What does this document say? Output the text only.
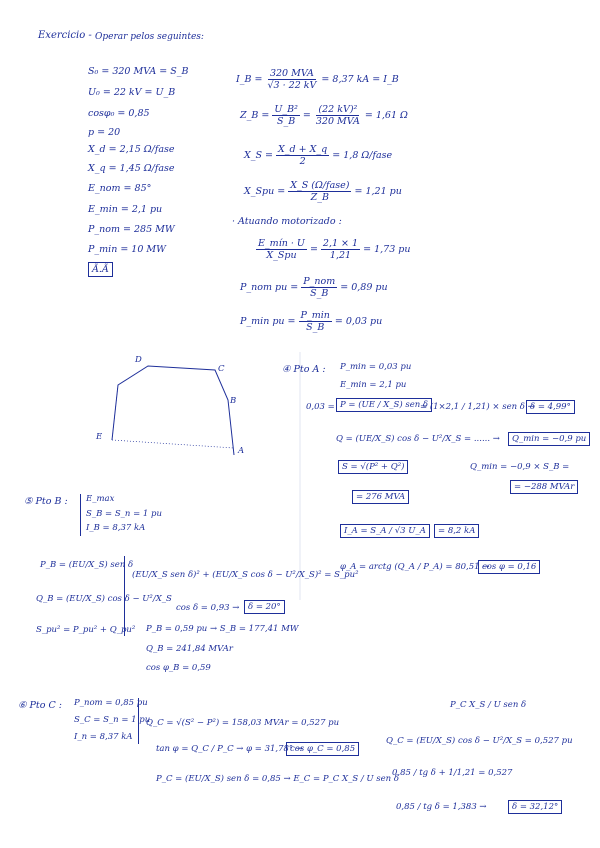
Exercicio - Operar pelos seguintes:
S₀ = 320 MVA = S_B
U₀ = 22 kV = U_B
cosφ₀ = 0,85
p = 20
X_d = 2,15 Ω/fase
X_q = 1,45 Ω/fase
E_nom = 85°
E_min = 2,1 pu
P_nom = 285 MW
P_min = 10 MW
Ã.Ã
I_B = $\frac{\text{320 MVA}}{√3 \cdot 22 kV} = 8,37$ kA = I_B
Z_B = $\frac{\text{U\_B²}}{S\_B} = \frac{\text{(22 kV)²}}{\text{320 MVA}} = 1,61$ Ω
X_S = $\frac{X\_d + X\_q}{2} = 1,8$ Ω/fase
X_Spu = $\frac{\text{X\_S (Ω/fase)}}{Z\_B} = 1,21$ pu
· Atuando motorizado :
$\frac{\text{E\_mín · U}}{\text{X\_Spu}} = \frac{2,1 \times 1}{1,21} = 1,73$ pu
P_nom pu = $\frac{\text{P\_nom}}{S\_B} = 0,89$ pu
P_min pu = $\frac{P\_\min}{S\_B} = 0,03$ pu
D
C
B
A
E
④ Pto A : P_min = 0,03 pu
E_min = 2,1 pu
0,03 = P = (UE / X_S) sen δ
= (1×2,1 / 1,21) × sen δ →
δ = 4,99°
Q = (UE/X_S) cos δ − U²/X_S = ...... →	Q_min = −0,9 pu
S = √(P² + Q²)	Q_min = −0,9 × S_B =
= −288 MVAr
= 276 MVA
I_A = S_A / √3 U_A	= 8,2 kA
φ_A = arctg (Q_A / P_A) = 80,51 →
cos φ = 0,16
⑤ Pto B : E_max
S_B = S_n = 1 pu
I_B = 8,37 kA
P_B = (EU/X_S) sen δ
Q_B = (EU/X_S) cos δ − U²/X_S
S_pu² = P_pu² + Q_pu²
(EU/X_S sen δ)² + (EU/X_S cos δ − U²/X_S)² = S_pu²
cos δ = 0,93 →	δ = 20°
P_B = 0,59 pu → S_B = 177,41 MW
Q_B = 241,84 MVAr
cos φ_B = 0,59
⑥ Pto C : P_nom = 0,85 pu
S_C = S_n = 1 pu
I_n = 8,37 kA
Q_C = √(S² − P²) = 158,03 MVAr = 0,527 pu
tan φ = Q_C / P_C → φ = 31,78° →
cos φ_C = 0,85
P_C = (EU/X_S) sen δ = 0,85 → E_C = P_C X_S / U sen δ
P_C X_S / U sen δ
Q_C = (EU/X_S) cos δ − U²/X_S = 0,527 pu
0,85 / tg δ + 1/1,21 = 0,527
0,85 / tg δ = 1,383 →	δ = 32,12°
